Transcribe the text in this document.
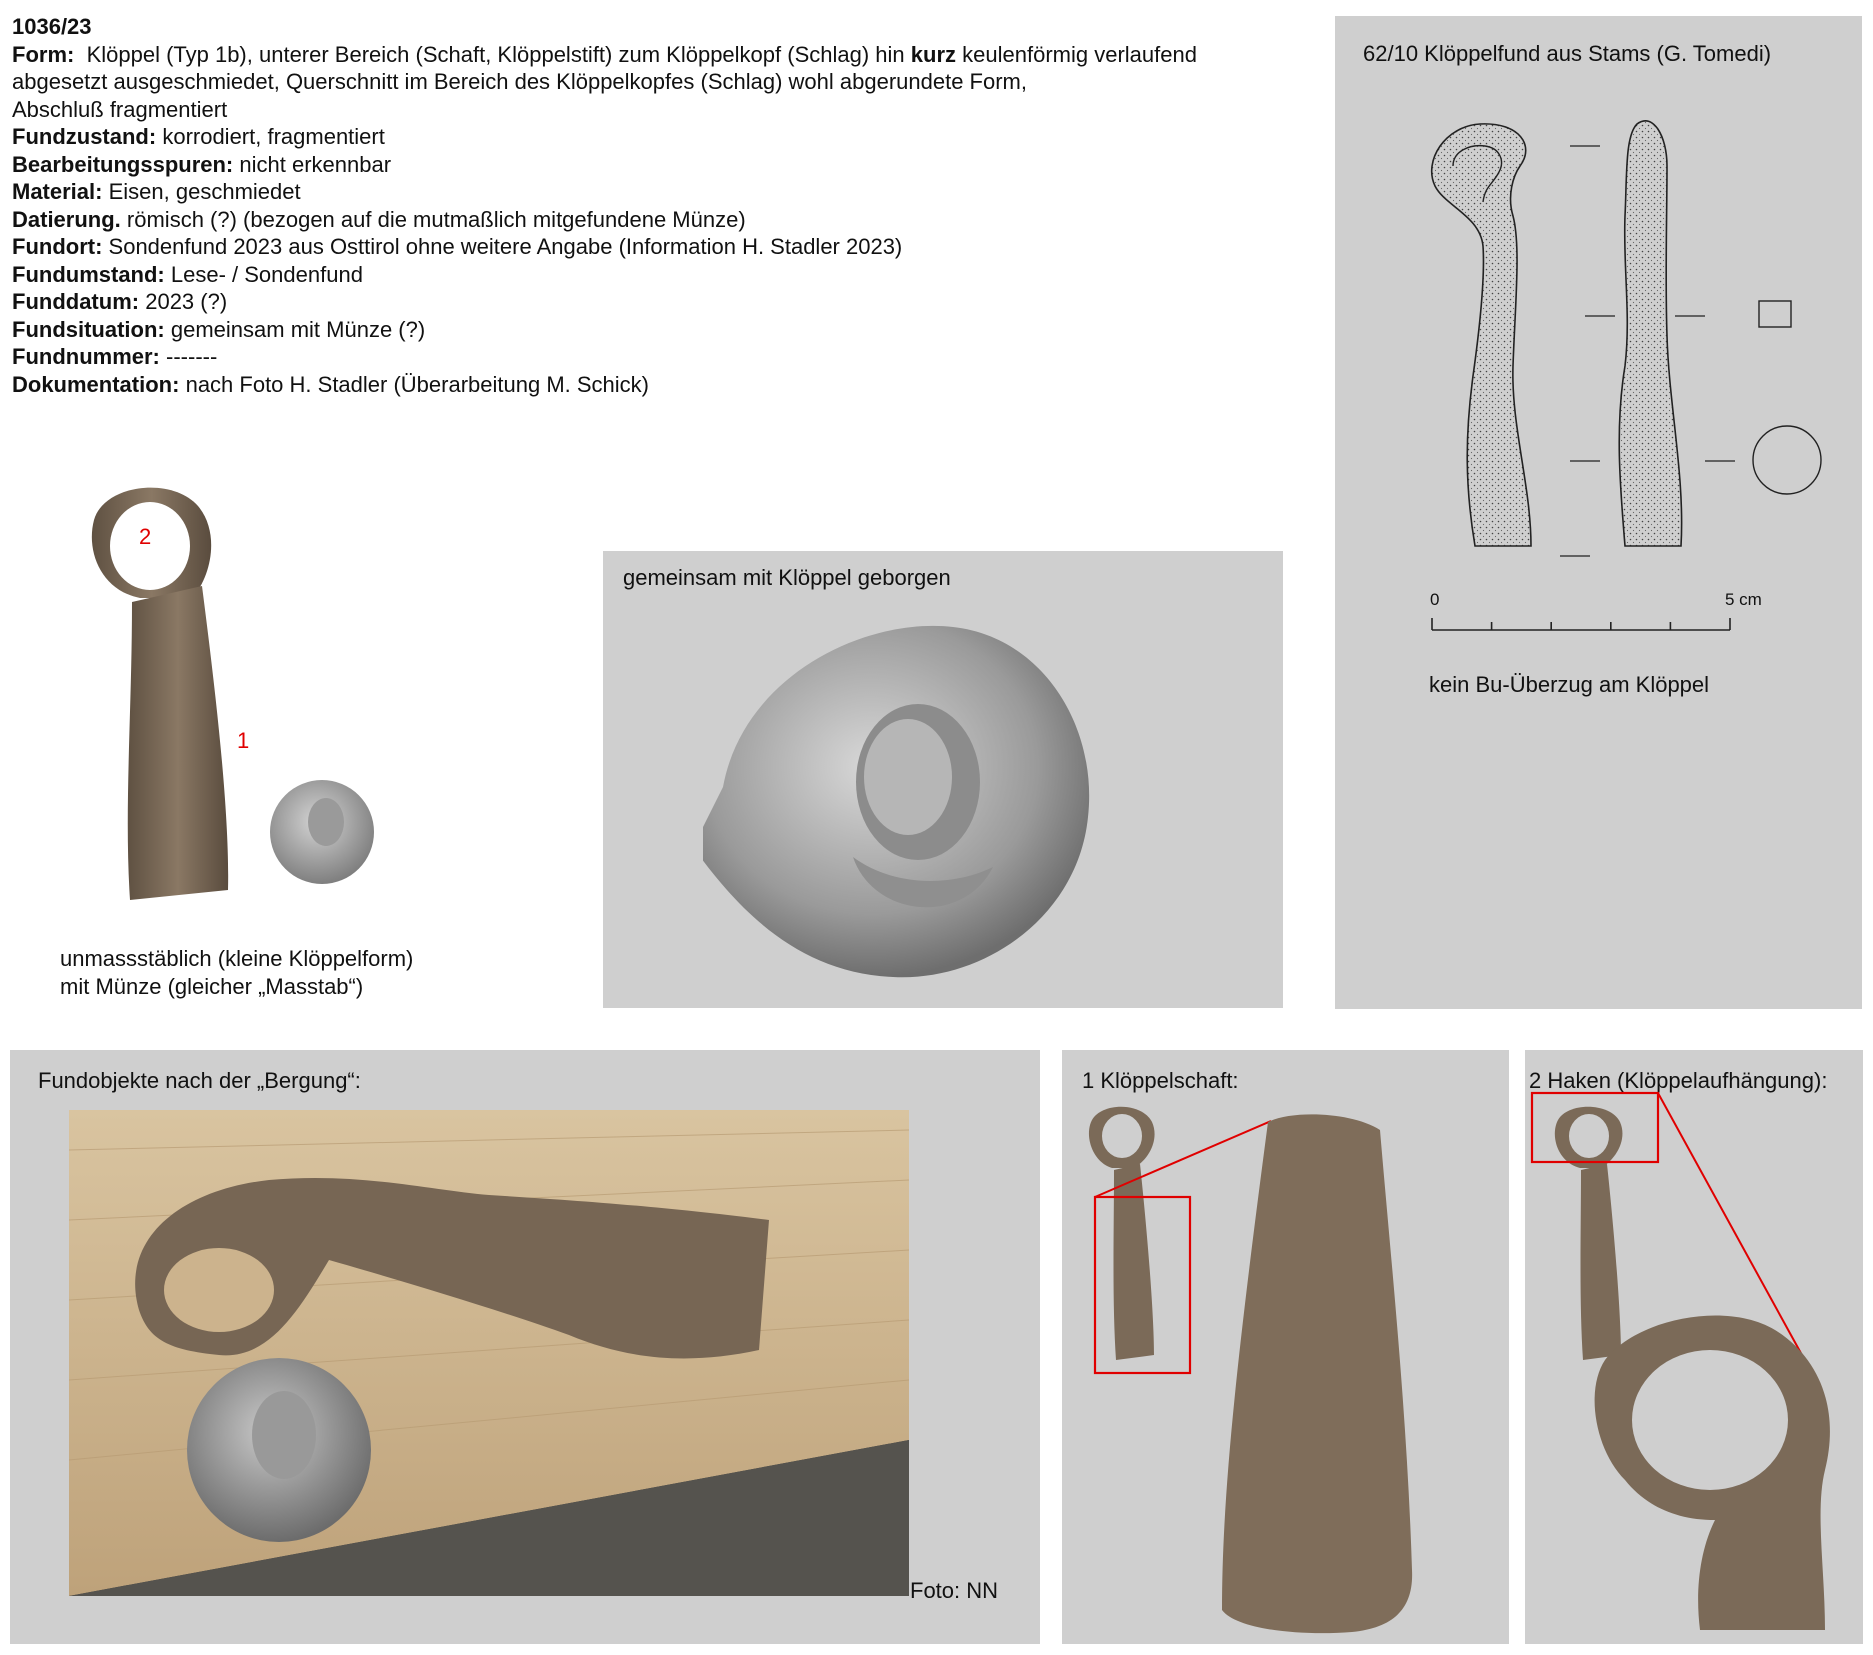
1036/23
Form: Klöppel (Typ 1b), unterer Bereich (Schaft, Klöppelstift) zum Klöppelkopf (Schlag) hin kurz keulenförmig verlaufend
abgesetzt ausgeschmiedet, Querschnitt im Bereich des Klöppelkopfes (Schlag) wohl abgerundete Form,
Abschluß fragmentiert
Fundzustand: korrodiert, fragmentiert
Bearbeitungsspuren: nicht erkennbar
Material: Eisen, geschmiedet
Datierung. römisch (?) (bezogen auf die mutmaßlich mitgefundene Münze)
Fundort: Sondenfund 2023 aus Osttirol ohne weitere Angabe (Information H. Stadler 2023)
Fundumstand: Lese- / Sondenfund
Funddatum: 2023 (?)
Fundsituation: gemeinsam mit Münze (?)
Fundnummer: -------
Dokumentation: nach Foto H. Stadler (Überarbeitung M. Schick)
2
1
unmassstäblich (kleine Klöppelform)
mit Münze (gleicher „Masstab“)
gemeinsam mit Klöppel geborgen
62/10 Klöppelfund aus Stams (G. Tomedi)
0	5 cm
kein Bu-Überzug am Klöppel
Fundobjekte nach der „Bergung“:
Foto: NN
1 Klöppelschaft:	2 Haken (Klöppelaufhängung):
